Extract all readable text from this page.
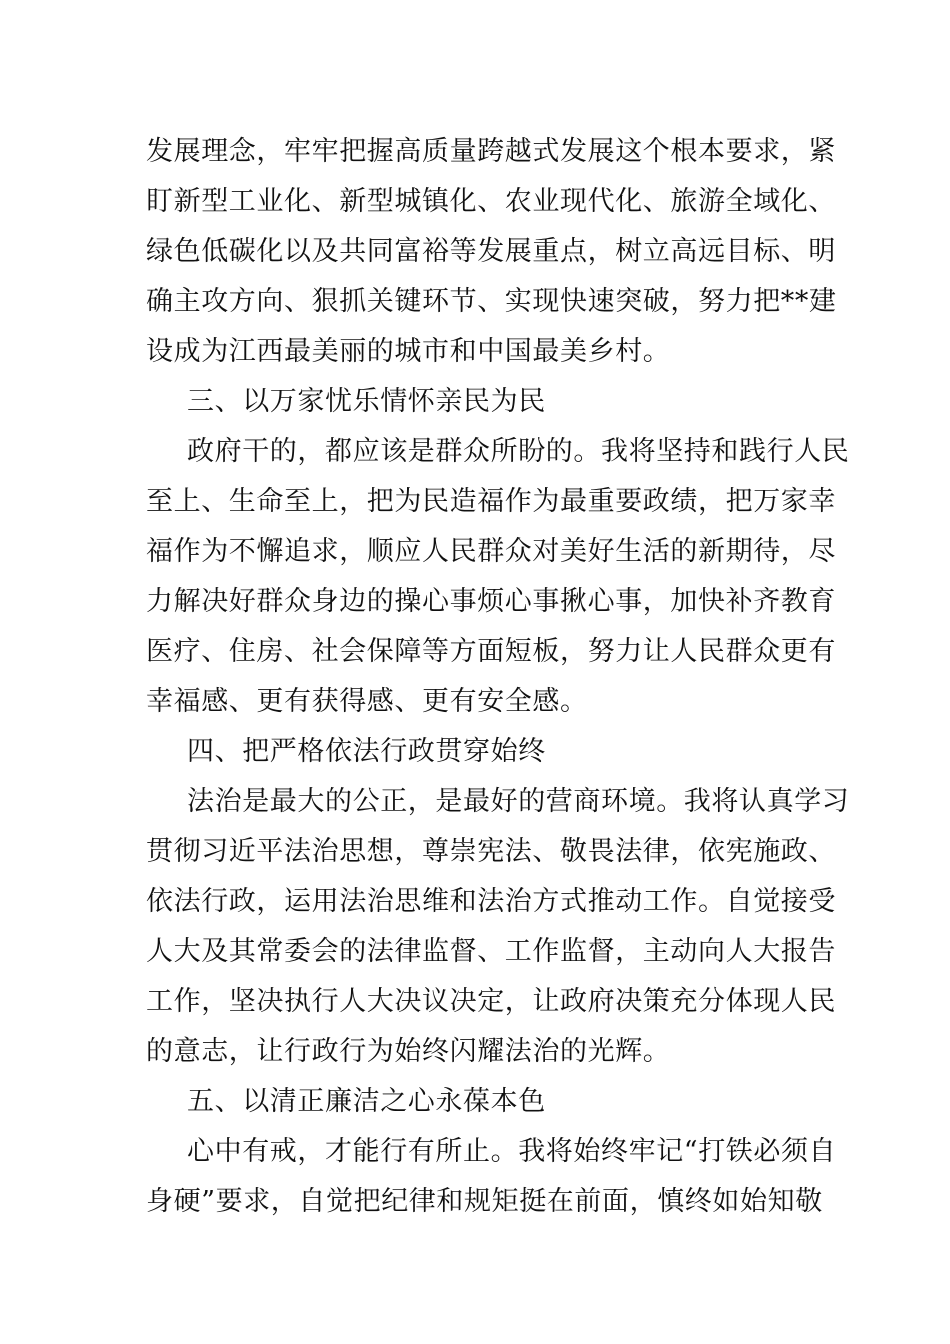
发展理念，牢牢把握高质量跨越式发展这个根本要求，紧
盯新型工业化、新型城镇化、农业现代化、旅游全域化、
绿色低碳化以及共同富裕等发展重点，树立高远目标、明
确主攻方向、狠抓关键环节、实现快速突破，努力把**建
设成为江西最美丽的城市和中国最美乡村。
三、以万家忧乐情怀亲民为民
政府干的，都应该是群众所盼的。我将坚持和践行人民
至上、生命至上，把为民造福作为最重要政绩，把万家幸
福作为不懈追求，顺应人民群众对美好生活的新期待，尽
力解决好群众身边的操心事烦心事揪心事，加快补齐教育
医疗、住房、社会保障等方面短板，努力让人民群众更有
幸福感、更有获得感、更有安全感。
四、把严格依法行政贯穿始终
法治是最大的公正，是最好的营商环境。我将认真学习
贯彻习近平法治思想，尊崇宪法、敬畏法律，依宪施政、
依法行政，运用法治思维和法治方式推动工作。自觉接受
人大及其常委会的法律监督、工作监督，主动向人大报告
工作，坚决执行人大决议决定，让政府决策充分体现人民
的意志，让行政行为始终闪耀法治的光辉。
五、以清正廉洁之心永葆本色
心中有戒，才能行有所止。我将始终牢记“打铁必须自
身硬”要求，自觉把纪律和规矩挺在前面，慎终如始知敬
